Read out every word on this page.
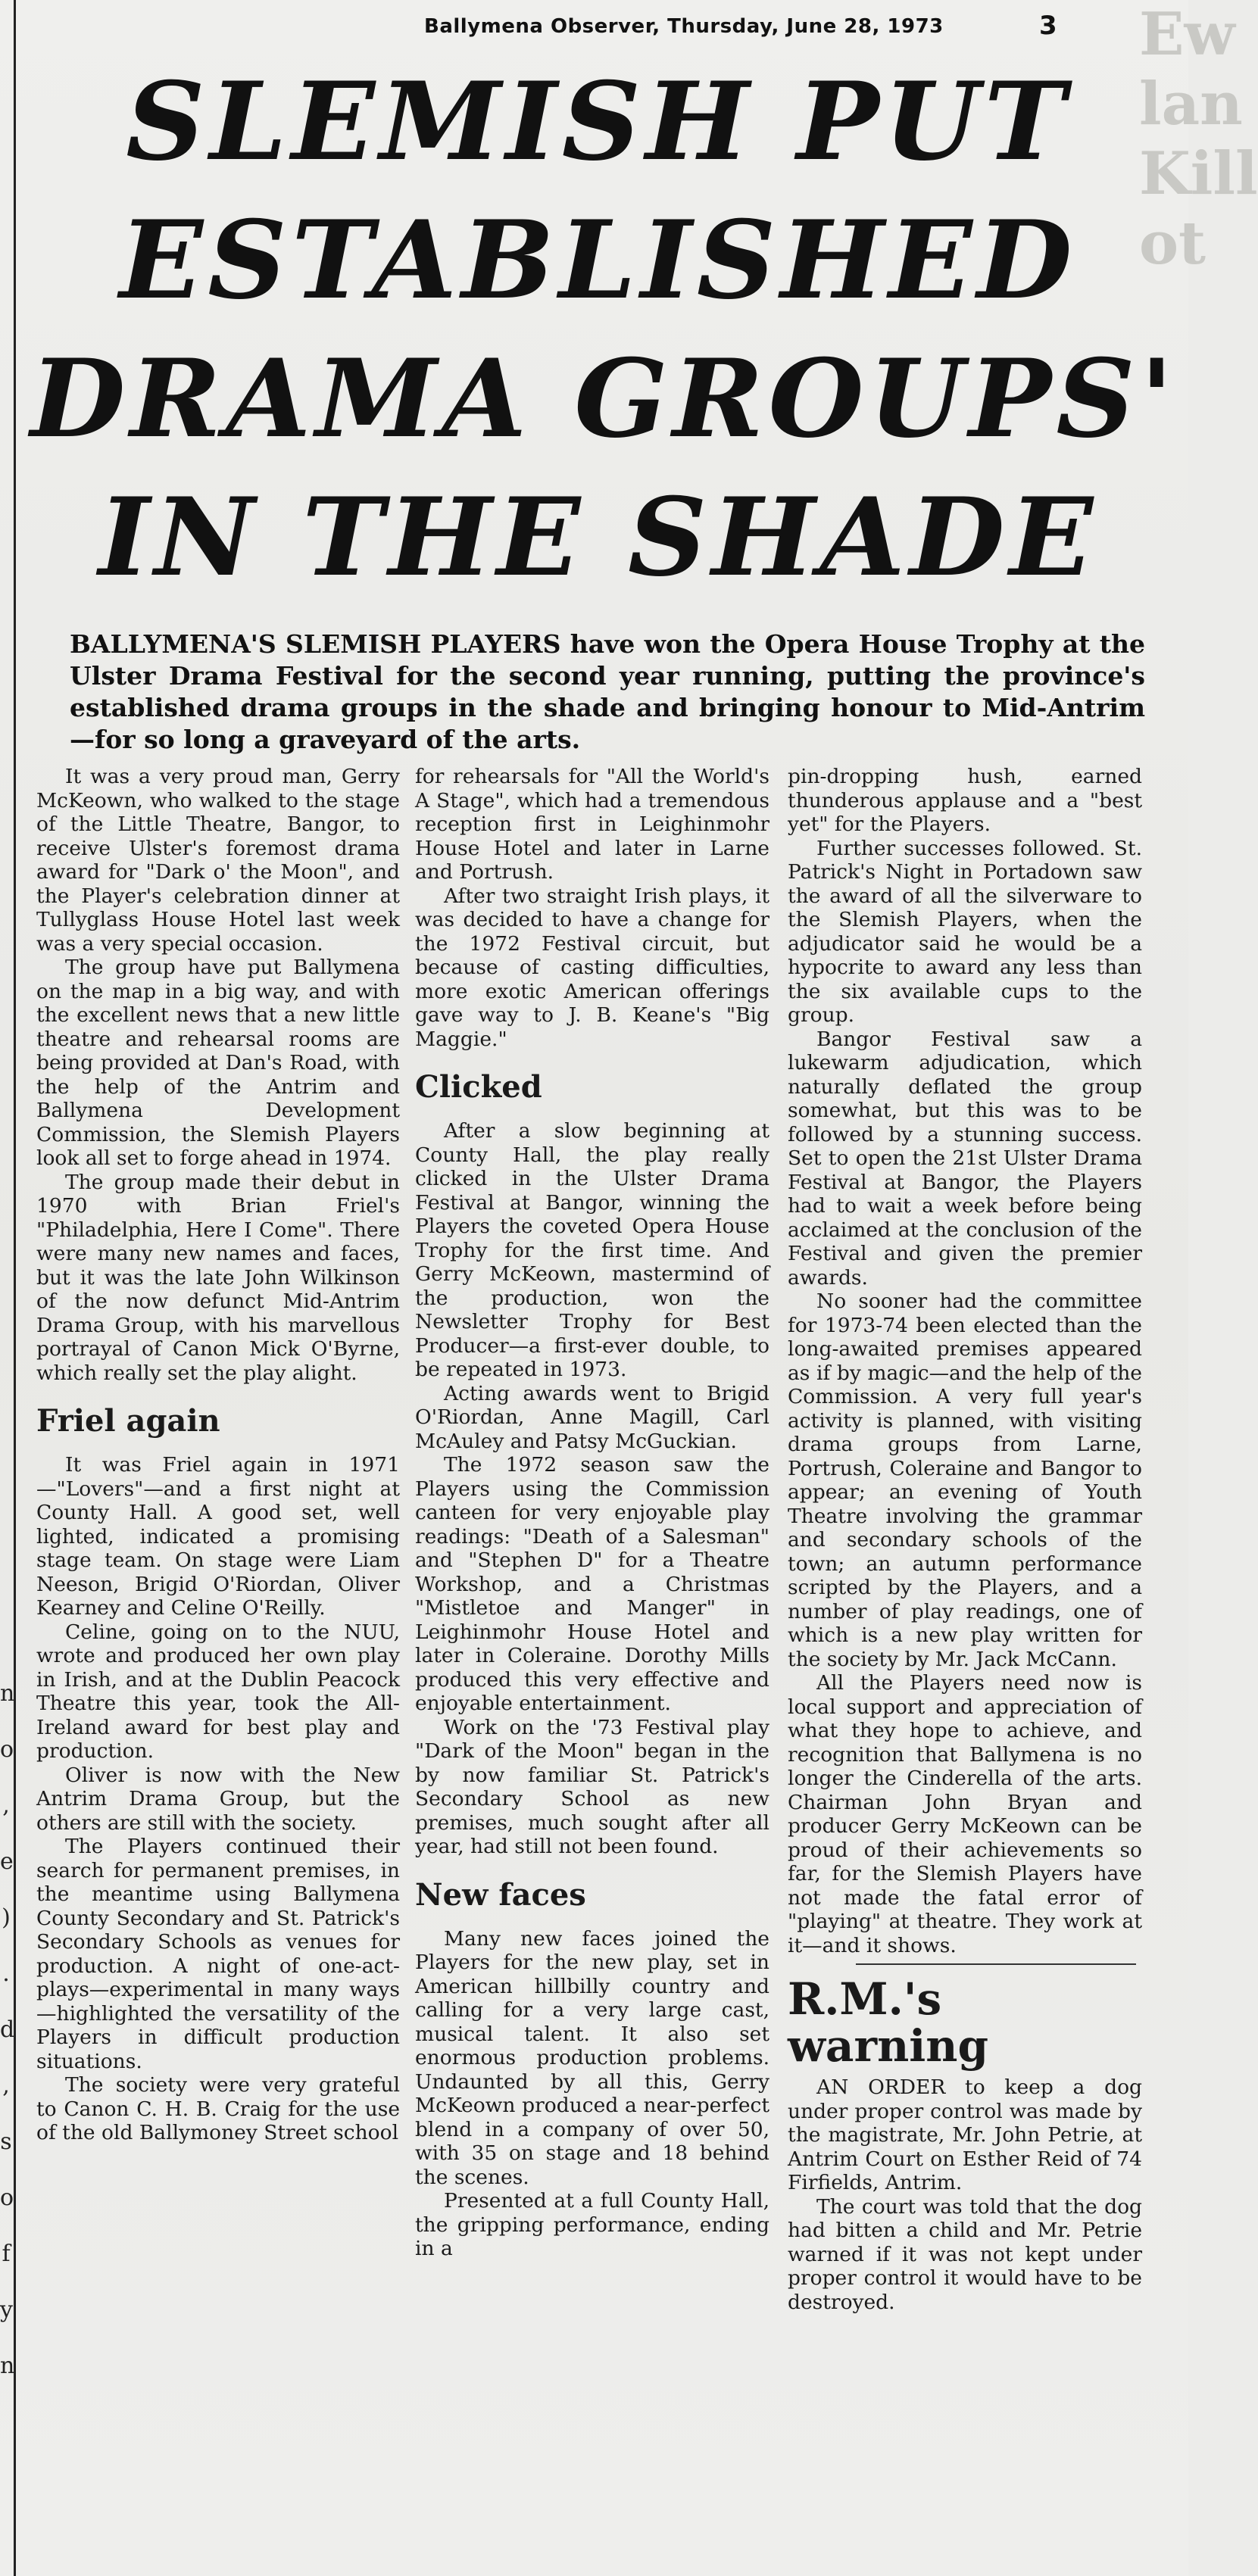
n o , e ) . d , s o f y n
Ew lan Kill ot
Ballymena Observer, Thursday, June 28, 1973	3
SLEMISH PUT
ESTABLISHED
DRAMA GROUPS'
IN THE SHADE
BALLYMENA'S SLEMISH PLAYERS have won the Opera House Trophy at the Ulster Drama Festival for the second year running, putting the province's established drama groups in the shade and bringing honour to Mid-Antrim—for so long a graveyard of the arts.

It was a very proud man, Gerry McKeown, who walked to the stage of the Little Theatre, Bangor, to receive Ulster's foremost drama award for "Dark o' the Moon", and the Player's celebration dinner at Tullyglass House Hotel last week was a very special occasion.

The group have put Ballymena on the map in a big way, and with the excellent news that a new little theatre and rehearsal rooms are being provided at Dan's Road, with the help of the Antrim and Ballymena Development Commission, the Slemish Players look all set to forge ahead in 1974.

The group made their debut in 1970 with Brian Friel's "Philadelphia, Here I Come". There were many new names and faces, but it was the late John Wilkinson of the now defunct Mid-Antrim Drama Group, with his marvellous portrayal of Canon Mick O'Byrne, which really set the play alight.

Friel again

It was Friel again in 1971—"Lovers"—and a first night at County Hall. A good set, well lighted, indicated a promising stage team. On stage were Liam Neeson, Brigid O'Riordan, Oliver Kearney and Celine O'Reilly.

Celine, going on to the NUU, wrote and produced her own play in Irish, and at the Dublin Peacock Theatre this year, took the All-Ireland award for best play and production.

Oliver is now with the New Antrim Drama Group, but the others are still with the society.

The Players continued their search for permanent premises, in the meantime using Ballymena County Secondary and St. Patrick's Secondary Schools as venues for production. A night of one-act-plays—experimental in many ways—highlighted the versatility of the Players in difficult production situations.

The society were very grateful to Canon C. H. B. Craig for the use of the old Ballymoney Street school

for rehearsals for "All the World's A Stage", which had a tremendous reception first in Leighinmohr House Hotel and later in Larne and Portrush.

After two straight Irish plays, it was decided to have a change for the 1972 Festival circuit, but because of casting difficulties, more exotic American offerings gave way to J. B. Keane's "Big Maggie."

Clicked

After a slow beginning at County Hall, the play really clicked in the Ulster Drama Festival at Bangor, winning the Players the coveted Opera House Trophy for the first time. And Gerry McKeown, mastermind of the production, won the Newsletter Trophy for Best Producer—a first-ever double, to be repeated in 1973.

Acting awards went to Brigid O'Riordan, Anne Magill, Carl McAuley and Patsy McGuckian.

The 1972 season saw the Players using the Commission canteen for very enjoyable play readings: "Death of a Salesman" and "Stephen D" for a Theatre Workshop, and a Christmas "Mistletoe and Manger" in Leighinmohr House Hotel and later in Coleraine. Dorothy Mills produced this very effective and enjoyable entertainment.

Work on the '73 Festival play "Dark of the Moon" began in the by now familiar St. Patrick's Secondary School as new premises, much sought after all year, had still not been found.

New faces

Many new faces joined the Players for the new play, set in American hillbilly country and calling for a very large cast, musical talent. It also set enormous production problems. Undaunted by all this, Gerry McKeown produced a near-perfect blend in a company of over 50, with 35 on stage and 18 behind the scenes.

Presented at a full County Hall, the gripping performance, ending in a

pin-dropping hush, earned thunderous applause and a "best yet" for the Players.

Further successes followed. St. Patrick's Night in Portadown saw the award of all the silverware to the Slemish Players, when the adjudicator said he would be a hypocrite to award any less than the six available cups to the group.

Bangor Festival saw a lukewarm adjudication, which naturally deflated the group somewhat, but this was to be followed by a stunning success. Set to open the 21st Ulster Drama Festival at Bangor, the Players had to wait a week before being acclaimed at the conclusion of the Festival and given the premier awards.

No sooner had the committee for 1973-74 been elected than the long-awaited premises appeared as if by magic—and the help of the Commission. A very full year's activity is planned, with visiting drama groups from Larne, Portrush, Coleraine and Bangor to appear; an evening of Youth Theatre involving the grammar and secondary schools of the town; an autumn performance scripted by the Players, and a number of play readings, one of which is a new play written for the society by Mr. Jack McCann.

All the Players need now is local support and appreciation of what they hope to achieve, and recognition that Ballymena is no longer the Cinderella of the arts. Chairman John Bryan and producer Gerry McKeown can be proud of their achievements so far, for the Slemish Players have not made the fatal error of "playing" at theatre. They work at it—and it shows.

R.M.'s warning

AN ORDER to keep a dog under proper control was made by the magistrate, Mr. John Petrie, at Antrim Court on Esther Reid of 74 Firfields, Antrim.

The court was told that the dog had bitten a child and Mr. Petrie warned if it was not kept under proper control it would have to be destroyed.
